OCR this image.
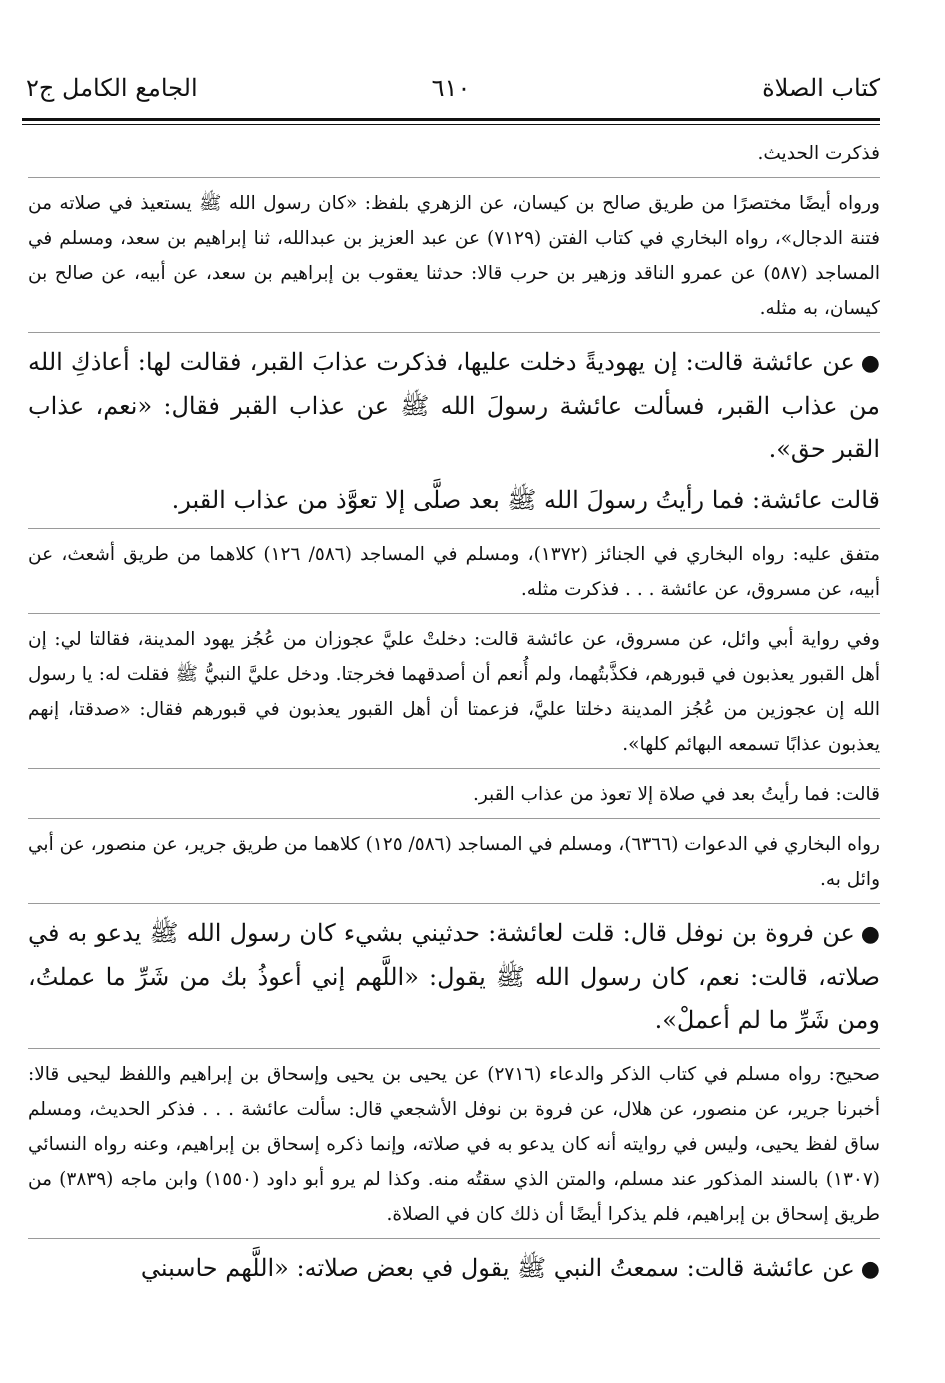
كتاب الصلاة
٦١٠
الجامع الكامل ج٢
فذكرت الحديث.
ورواه أيضًا مختصرًا من طريق صالح بن كيسان، عن الزهري بلفظ: «كان رسول الله ﷺ يستعيذ في صلاته من فتنة الدجال»، رواه البخاري في كتاب الفتن (٧١٢٩) عن عبد العزيز بن عبدالله، ثنا إبراهيم بن سعد، ومسلم في المساجد (٥٨٧) عن عمرو الناقد وزهير بن حرب قالا: حدثنا يعقوب بن إبراهيم بن سعد، عن أبيه، عن صالح بن كيسان، به مثله.
●عن عائشة قالت: إن يهوديةً دخلت عليها، فذكرت عذابَ القبر، فقالت لها: أعاذكِ الله من عذاب القبر، فسألت عائشة رسولَ الله ﷺ عن عذاب القبر فقال: «نعم، عذاب القبر حق».
قالت عائشة: فما رأيتُ رسولَ الله ﷺ بعد صلَّى إلا تعوَّذ من عذاب القبر.
متفق عليه: رواه البخاري في الجنائز (١٣٧٢)، ومسلم في المساجد (٥٨٦/ ١٢٦) كلاهما من طريق أشعث، عن أبيه، عن مسروق، عن عائشة . . . فذكرت مثله.
وفي رواية أبي وائل، عن مسروق، عن عائشة قالت: دخلتْ عليَّ عجوزان من عُجُز يهود المدينة، فقالتا لي: إن أهل القبور يعذبون في قبورهم، فكذَّبتُهما، ولم أُنعم أن أصدقهما فخرجتا. ودخل عليَّ النبيُّ ﷺ فقلت له: يا رسول الله إن عجوزين من عُجُز المدينة دخلتا عليَّ، فزعمتا أن أهل القبور يعذبون في قبورهم فقال: «صدقتا، إنهم يعذبون عذابًا تسمعه البهائم كلها».
قالت: فما رأيتُ بعد في صلاة إلا تعوذ من عذاب القبر.
رواه البخاري في الدعوات (٦٣٦٦)، ومسلم في المساجد (٥٨٦/ ١٢٥) كلاهما من طريق جرير، عن منصور، عن أبي وائل به.
●عن فروة بن نوفل قال: قلت لعائشة: حدثيني بشيء كان رسول الله ﷺ يدعو به في صلاته، قالت: نعم، كان رسول الله ﷺ يقول: «اللَّهم إني أعوذُ بك من شَرِّ ما عملتُ، ومن شَرِّ ما لم أعملْ».
صحيح: رواه مسلم في كتاب الذكر والدعاء (٢٧١٦) عن يحيى بن يحيى وإسحاق بن إبراهيم واللفظ ليحيى قالا: أخبرنا جرير، عن منصور، عن هلال، عن فروة بن نوفل الأشجعي قال: سألت عائشة . . . فذكر الحديث، ومسلم ساق لفظ يحيى، وليس في روايته أنه كان يدعو به في صلاته، وإنما ذكره إسحاق بن إبراهيم، وعنه رواه النسائي (١٣٠٧) بالسند المذكور عند مسلم، والمتن الذي سقتُه منه. وكذا لم يرو أبو داود (١٥٥٠) وابن ماجه (٣٨٣٩) من طريق إسحاق بن إبراهيم، فلم يذكرا أيضًا أن ذلك كان في الصلاة.
●عن عائشة قالت: سمعتُ النبي ﷺ يقول في بعض صلاته: «اللَّهم حاسبني
